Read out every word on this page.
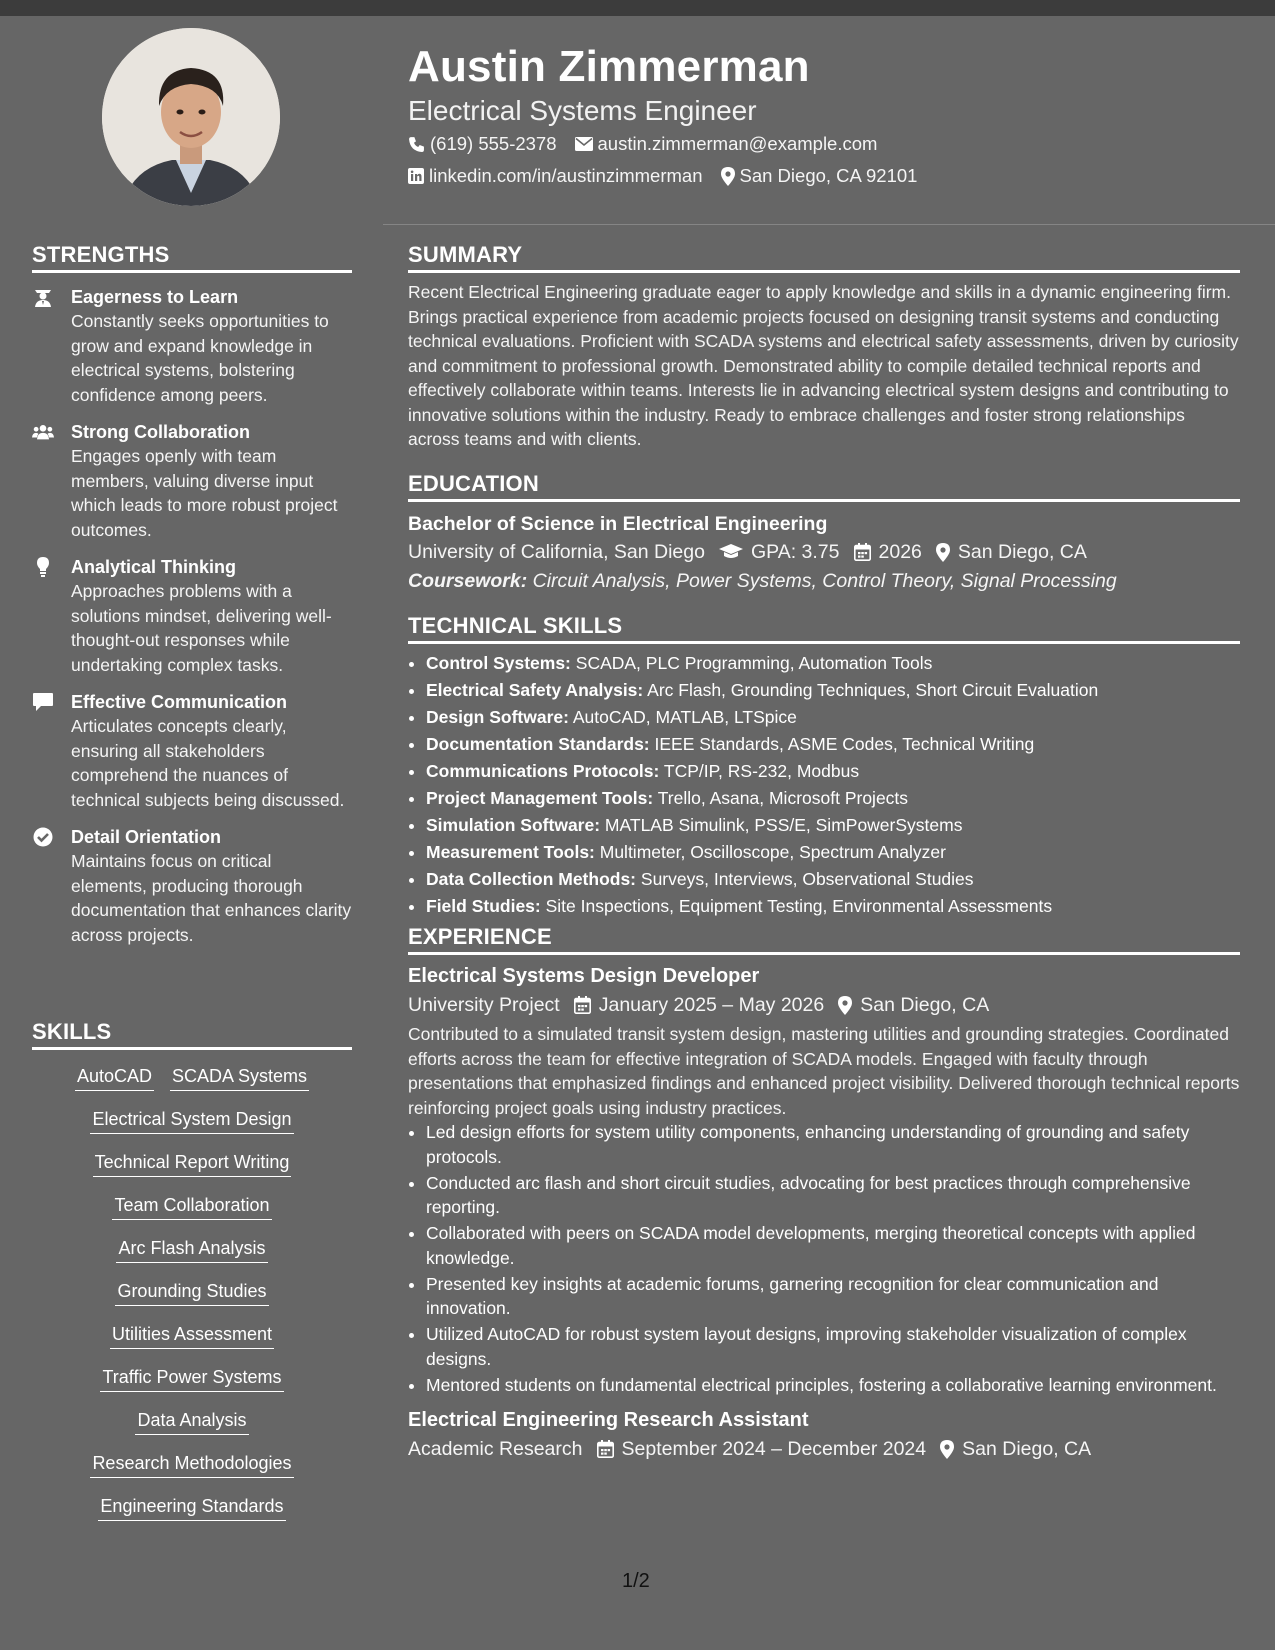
Austin Zimmerman
Electrical Systems Engineer
(619) 555-2378 austin.zimmerman@example.com
linkedin.com/in/austinzimmerman San Diego, CA 92101
STRENGTHS
Eagerness to Learn
Constantly seeks opportunities to grow and expand knowledge in electrical systems, bolstering confidence among peers.
Strong Collaboration
Engages openly with team members, valuing diverse input which leads to more robust project outcomes.
Analytical Thinking
Approaches problems with a solutions mindset, delivering well-thought-out responses while undertaking complex tasks.
Effective Communication
Articulates concepts clearly, ensuring all stakeholders comprehend the nuances of technical subjects being discussed.
Detail Orientation
Maintains focus on critical elements, producing thorough documentation that enhances clarity across projects.
SKILLS
AutoCAD SCADA Systems
Electrical System Design
Technical Report Writing
Team Collaboration
Arc Flash Analysis
Grounding Studies
Utilities Assessment
Traffic Power Systems
Data Analysis
Research Methodologies
Engineering Standards
SUMMARY

Recent Electrical Engineering graduate eager to apply knowledge and skills in a dynamic engineering firm. Brings practical experience from academic projects focused on designing transit systems and conducting technical evaluations. Proficient with SCADA systems and electrical safety assessments, driven by curiosity and commitment to professional growth. Demonstrated ability to compile detailed technical reports and effectively collaborate within teams. Interests lie in advancing electrical system designs and contributing to innovative solutions within the industry. Ready to embrace challenges and foster strong relationships across teams and with clients.

EDUCATION
Bachelor of Science in Electrical Engineering
University of California, San Diego GPA: 3.75 2026 San Diego, CA
Coursework: Circuit Analysis, Power Systems, Control Theory, Signal Processing
TECHNICAL SKILLS
• Control Systems: SCADA, PLC Programming, Automation Tools
• Electrical Safety Analysis: Arc Flash, Grounding Techniques, Short Circuit Evaluation
• Design Software: AutoCAD, MATLAB, LTSpice
• Documentation Standards: IEEE Standards, ASME Codes, Technical Writing
• Communications Protocols: TCP/IP, RS-232, Modbus
• Project Management Tools: Trello, Asana, Microsoft Projects
• Simulation Software: MATLAB Simulink, PSS/E, SimPowerSystems
• Measurement Tools: Multimeter, Oscilloscope, Spectrum Analyzer
• Data Collection Methods: Surveys, Interviews, Observational Studies
• Field Studies: Site Inspections, Equipment Testing, Environmental Assessments
EXPERIENCE
Electrical Systems Design Developer
University Project January 2025 – May 2026 San Diego, CA

Contributed to a simulated transit system design, mastering utilities and grounding strategies. Coordinated efforts across the team for effective integration of SCADA models. Engaged with faculty through presentations that emphasized findings and enhanced project visibility. Delivered thorough technical reports reinforcing project goals using industry practices.

• Led design efforts for system utility components, enhancing understanding of grounding and safety protocols.
• Conducted arc flash and short circuit studies, advocating for best practices through comprehensive reporting.
• Collaborated with peers on SCADA model developments, merging theoretical concepts with applied knowledge.
• Presented key insights at academic forums, garnering recognition for clear communication and innovation.
• Utilized AutoCAD for robust system layout designs, improving stakeholder visualization of complex designs.
• Mentored students on fundamental electrical principles, fostering a collaborative learning environment.
Electrical Engineering Research Assistant
Academic Research September 2024 – December 2024 San Diego, CA
1/2
